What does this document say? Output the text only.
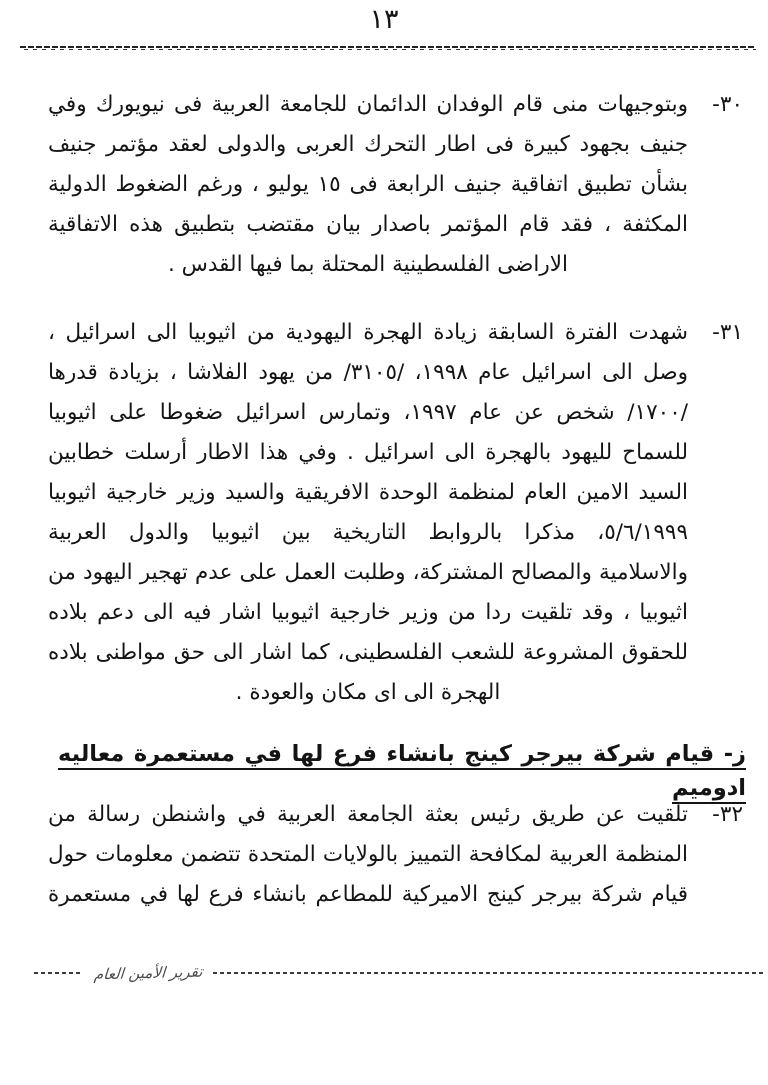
١٣
٣٠-
وبتوجيهات منى قام الوفدان الدائمان للجامعة العربية فى نيويورك وفي
جنيف بجهود كبيرة فى اطار التحرك العربى والدولى لعقد مؤتمر جنيف
بشأن تطبيق اتفاقية جنيف الرابعة فى ١٥ يوليو ، ورغم الضغوط الدولية
المكثفة ، فقد قام المؤتمر باصدار بيان مقتضب بتطبيق هذه الاتفاقية
الاراضى الفلسطينية المحتلة بما فيها القدس .
٣١-
شهدت الفترة السابقة زيادة الهجرة اليهودية من اثيوبيا الى اسرائيل ،
وصل الى اسرائيل عام ١٩٩٨، /٣١٠٥/ من يهود الفلاشا ، بزيادة قدرها
/١٧٠٠/ شخص عن عام ١٩٩٧، وتمارس اسرائيل ضغوطا على اثيوبيا
للسماح لليهود بالهجرة الى اسرائيل . وفي هذا الاطار أرسلت خطابين
السيد الامين العام لمنظمة الوحدة الافريقية والسيد وزير خارجية اثيوبيا
٥/٦/١٩٩٩، مذكرا بالروابط التاريخية بين اثيوبيا والدول العربية
والاسلامية والمصالح المشتركة، وطلبت العمل على عدم تهجير اليهود من
اثيوبيا ، وقد تلقيت ردا من وزير خارجية اثيوبيا اشار فيه الى دعم بلاده
للحقوق المشروعة للشعب الفلسطينى، كما اشار الى حق مواطنى بلاده
الهجرة الى اى مكان والعودة .
ز- قيام شركة بيرجر كينج بانشاء فرع لها في مستعمرة معاليه ادوميم
٣٢-
تلقيت عن طريق رئيس بعثة الجامعة العربية في واشنطن رسالة من
المنظمة العربية لمكافحة التمييز بالولايات المتحدة تتضمن معلومات حول
قيام شركة بيرجر كينج الاميركية للمطاعم بانشاء فرع لها في مستعمرة
تقرير الأمين العام
